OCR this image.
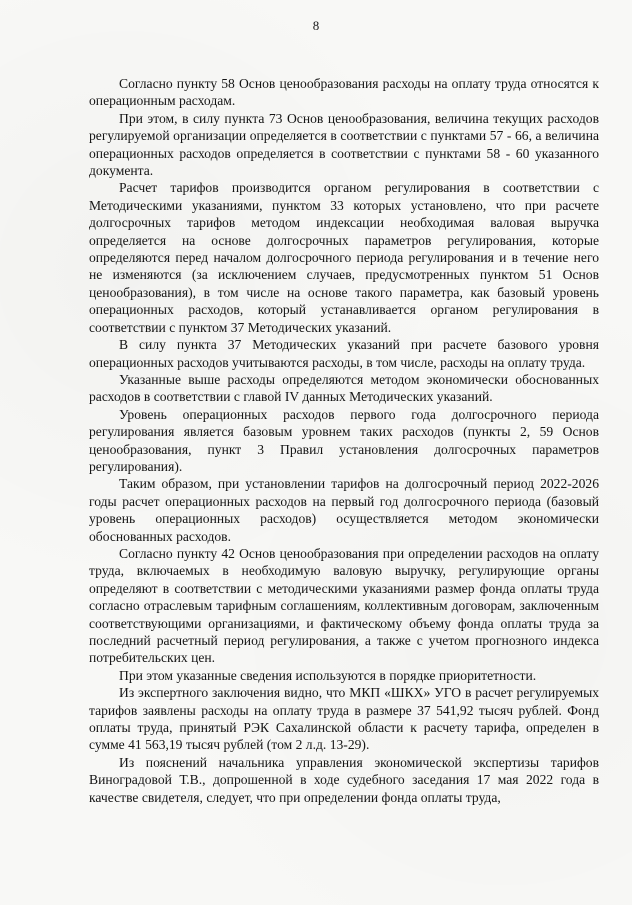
8

Согласно пункту 58 Основ ценообразования расходы на оплату труда относятся к операционным расходам.

При этом, в силу пункта 73 Основ ценообразования, величина текущих расходов регулируемой организации определяется в соответствии с пунктами 57 - 66, а величина операционных расходов определяется в соответствии с пунктами 58 - 60 указанного документа.

Расчет тарифов производится органом регулирования в соответствии с Методическими указаниями, пунктом 33 которых установлено, что при расчете долгосрочных тарифов методом индексации необходимая валовая выручка определяется на основе долгосрочных параметров регулирования, которые определяются перед началом долгосрочного периода регулирования и в течение него не изменяются (за исключением случаев, предусмотренных пунктом 51 Основ ценообразования), в том числе на основе такого параметра, как базовый уровень операционных расходов, который устанавливается органом регулирования в соответствии с пунктом 37 Методических указаний.

В силу пункта 37 Методических указаний при расчете базового уровня операционных расходов учитываются расходы, в том числе, расходы на оплату труда.

Указанные выше расходы определяются методом экономически обоснованных расходов в соответствии с главой IV данных Методических указаний.

Уровень операционных расходов первого года долгосрочного периода регулирования является базовым уровнем таких расходов (пункты 2, 59 Основ ценообразования, пункт 3 Правил установления долгосрочных параметров регулирования).

Таким образом, при установлении тарифов на долгосрочный период 2022-2026 годы расчет операционных расходов на первый год долгосрочного периода (базовый уровень операционных расходов) осуществляется методом экономически обоснованных расходов.

Согласно пункту 42 Основ ценообразования при определении расходов на оплату труда, включаемых в необходимую валовую выручку, регулирующие органы определяют в соответствии с методическими указаниями размер фонда оплаты труда согласно отраслевым тарифным соглашениям, коллективным договорам, заключенным соответствующими организациями, и фактическому объему фонда оплаты труда за последний расчетный период регулирования, а также с учетом прогнозного индекса потребительских цен.

При этом указанные сведения используются в порядке приоритетности.

Из экспертного заключения видно, что МКП «ШКХ» УГО в расчет регулируемых тарифов заявлены расходы на оплату труда в размере 37 541,92 тысяч рублей. Фонд оплаты труда, принятый РЭК Сахалинской области к расчету тарифа, определен в сумме 41 563,19 тысяч рублей (том 2 л.д. 13-29).

Из пояснений начальника управления экономической экспертизы тарифов Виноградовой Т.В., допрошенной в ходе судебного заседания 17 мая 2022 года в качестве свидетеля, следует, что при определении фонда оплаты труда,
